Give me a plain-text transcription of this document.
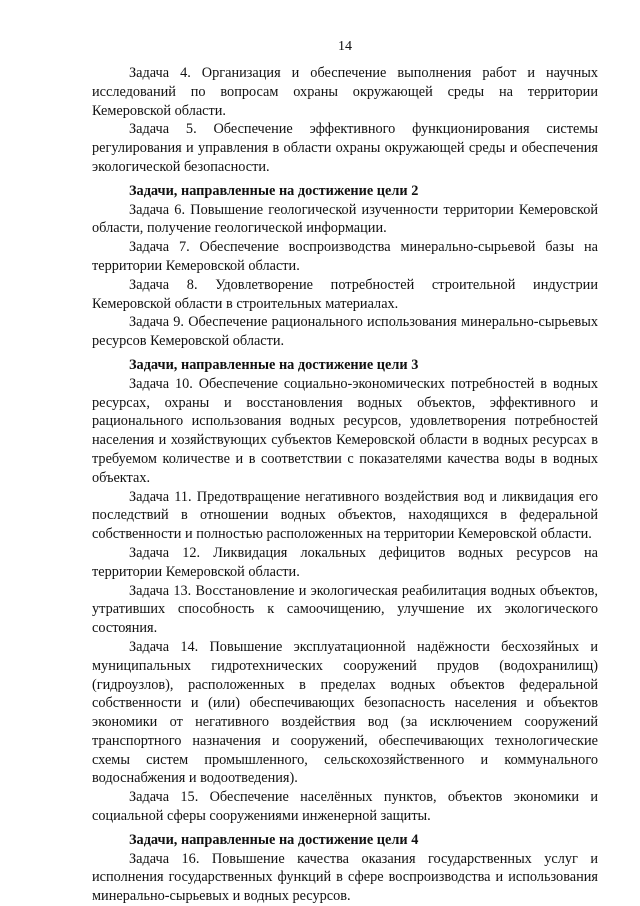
14

Задача 4. Организация и обеспечение выполнения работ и научных исследований по вопросам охраны окружающей среды на территории Кемеровской области.

Задача 5. Обеспечение эффективного функционирования системы регулирования и управления в области охраны окружающей среды и обеспечения экологической безопасности.

Задачи, направленные на достижение цели 2

Задача 6. Повышение геологической изученности территории Кемеровской области, получение геологической информации.

Задача 7. Обеспечение воспроизводства минерально-сырьевой базы на территории Кемеровской области.

Задача 8. Удовлетворение потребностей строительной индустрии Кемеровской области в строительных материалах.

Задача 9. Обеспечение рационального использования минерально-сырьевых ресурсов Кемеровской области.

Задачи, направленные на достижение цели 3

Задача 10. Обеспечение социально-экономических потребностей в водных ресурсах, охраны и восстановления водных объектов, эффективного и рационального использования водных ресурсов, удовлетворения потребностей населения и хозяйствующих субъектов Кемеровской области в водных ресурсах в требуемом количестве и в соответствии с показателями качества воды в водных объектах.

Задача 11. Предотвращение негативного воздействия вод и ликвидация его последствий в отношении водных объектов, находящихся в федеральной собственности и полностью расположенных на территории Кемеровской области.

Задача 12. Ликвидация локальных дефицитов водных ресурсов на территории Кемеровской области.

Задача 13. Восстановление и экологическая реабилитация водных объектов, утративших способность к самоочищению, улучшение их экологического состояния.

Задача 14. Повышение эксплуатационной надёжности бесхозяйных и муниципальных гидротехнических сооружений прудов (водохранилищ) (гидроузлов), расположенных в пределах водных объектов федеральной собственности и (или) обеспечивающих безопасность населения и объектов экономики от негативного воздействия вод (за исключением сооружений транспортного назначения и сооружений, обеспечивающих технологические схемы систем промышленного, сельскохозяйственного и коммунального водоснабжения и водоотведения).

Задача 15. Обеспечение населённых пунктов, объектов экономики и социальной сферы сооружениями инженерной защиты.

Задачи, направленные на достижение цели 4

Задача 16. Повышение качества оказания государственных услуг и исполнения государственных функций в сфере воспроизводства и использования минерально-сырьевых и водных ресурсов.
